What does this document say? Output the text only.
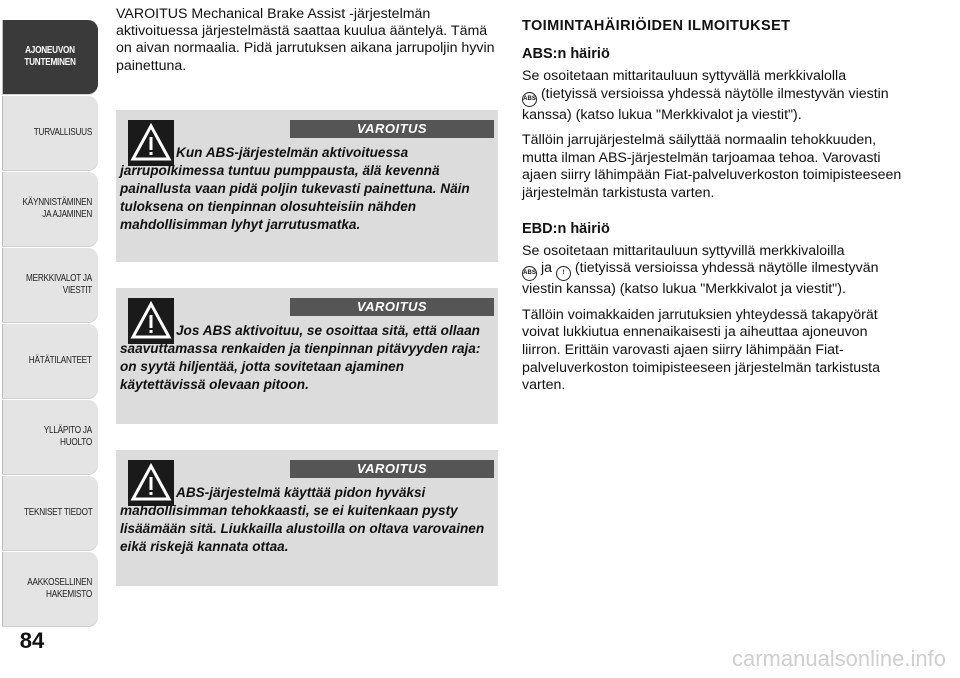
AJONEUVON TUNTEMINEN
TURVALLISUUS
KÄYNNISTÄMINEN JA AJAMINEN
MERKKIVALOT JA VIESTIT
HÄTÄTILANTEET
YLLÄPITO JA HUOLTO
TEKNISET TIEDOT
AAKKOSELLINEN HAKEMISTO
84

VAROITUS Mechanical Brake Assist -järjestelmän aktivoituessa järjestelmästä saattaa kuulua ääntelyä. Tämä on aivan normaalia. Pidä jarrutuksen aikana jarrupoljin hyvin painettuna.

VAROITUS
Kun ABS-järjestelmän aktivoituessa jarrupolkimessa tuntuu pumppausta, älä kevennä painallusta vaan pidä poljin tukevasti painettuna. Näin tuloksena on tienpinnan olosuhteisiin nähden mahdollisimman lyhyt jarrutusmatka.
VAROITUS
Jos ABS aktivoituu, se osoittaa sitä, että ollaan saavuttamassa renkaiden ja tienpinnan pitävyyden raja: on syytä hiljentää, jotta sovitetaan ajaminen käytettävissä olevaan pitoon.
VAROITUS
ABS-järjestelmä käyttää pidon hyväksi mahdollisimman tehokkaasti, se ei kuitenkaan pysty lisäämään sitä. Liukkailla alustoilla on oltava varovainen eikä riskejä kannata ottaa.

TOIMINTAHÄIRIÖIDEN ILMOITUKSET

ABS:n häiriö

Se osoitetaan mittaritauluun syttyvällä merkkivalolla
ABS (tietyissä versioissa yhdessä näytölle ilmestyvän viestin kanssa) (katso lukua "Merkkivalot ja viestit").

Tällöin jarrujärjestelmä säilyttää normaalin tehokkuuden, mutta ilman ABS-järjestelmän tarjoamaa tehoa. Varovasti ajaen siirry lähimpään Fiat-palveluverkoston toimipisteeseen järjestelmän tarkistusta varten.

EBD:n häiriö

Se osoitetaan mittaritauluun syttyvillä merkkivaloilla
ABS ja ! (tietyissä versioissa yhdessä näytölle ilmestyvän viestin kanssa) (katso lukua "Merkkivalot ja viestit").

Tällöin voimakkaiden jarrutuksien yhteydessä takapyörät voivat lukkiutua ennenaikaisesti ja aiheuttaa ajoneuvon liirron. Erittäin varovasti ajaen siirry lähimpään Fiat-palveluverkoston toimipisteeseen järjestelmän tarkistusta varten.

carmanualsonline.info
